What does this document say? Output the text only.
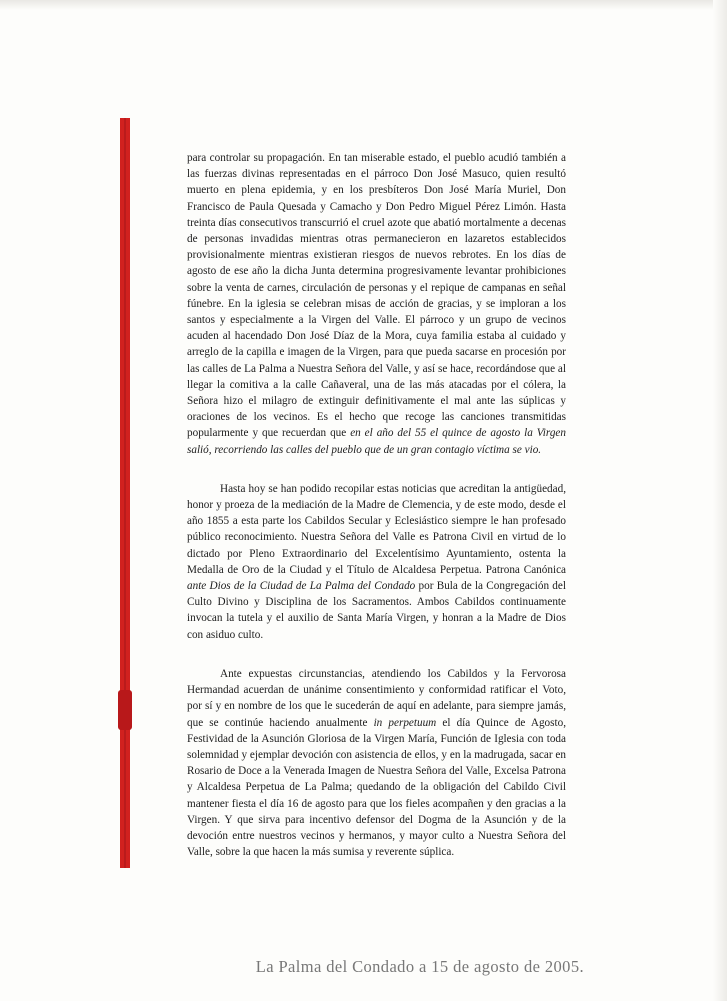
para controlar su propagación. En tan miserable estado, el pueblo acudió también a las fuerzas divinas representadas en el párroco Don José Masuco, quien resultó muerto en plena epidemia, y en los presbíteros Don José María Muriel, Don Francisco de Paula Quesada y Camacho y Don Pedro Miguel Pérez Limón. Hasta treinta días consecutivos transcurrió el cruel azote que abatió mortalmente a decenas de personas invadidas mientras otras permanecieron en lazaretos establecidos provisionalmente mientras existieran riesgos de nuevos rebrotes. En los días de agosto de ese año la dicha Junta determina progresivamente levantar prohibiciones sobre la venta de carnes, circulación de personas y el repique de campanas en señal fúnebre. En la iglesia se celebran misas de acción de gracias, y se imploran a los santos y especialmente a la Virgen del Valle. El párroco y un grupo de vecinos acuden al hacendado Don José Díaz de la Mora, cuya familia estaba al cuidado y arreglo de la capilla e imagen de la Virgen, para que pueda sacarse en procesión por las calles de La Palma a Nuestra Señora del Valle, y así se hace, recordándose que al llegar la comitiva a la calle Cañaveral, una de las más atacadas por el cólera, la Señora hizo el milagro de extinguir definitivamente el mal ante las súplicas y oraciones de los vecinos. Es el hecho que recoge las canciones transmitidas popularmente y que recuerdan que en el año del 55 el quince de agosto la Virgen salió, recorriendo las calles del pueblo que de un gran contagio víctima se vio.

Hasta hoy se han podido recopilar estas noticias que acreditan la antigüedad, honor y proeza de la mediación de la Madre de Clemencia, y de este modo, desde el año 1855 a esta parte los Cabildos Secular y Eclesiástico siempre le han profesado público reconocimiento. Nuestra Señora del Valle es Patrona Civil en virtud de lo dictado por Pleno Extraordinario del Excelentísimo Ayuntamiento, ostenta la Medalla de Oro de la Ciudad y el Título de Alcaldesa Perpetua. Patrona Canónica ante Dios de la Ciudad de La Palma del Condado por Bula de la Congregación del Culto Divino y Disciplina de los Sacramentos. Ambos Cabildos continuamente invocan la tutela y el auxilio de Santa María Virgen, y honran a la Madre de Dios con asiduo culto.

Ante expuestas circunstancias, atendiendo los Cabildos y la Fervorosa Hermandad acuerdan de unánime consentimiento y conformidad ratificar el Voto, por sí y en nombre de los que le sucederán de aquí en adelante, para siempre jamás, que se continúe haciendo anualmente in perpetuum el día Quince de Agosto, Festividad de la Asunción Gloriosa de la Virgen María, Función de Iglesia con toda solemnidad y ejemplar devoción con asistencia de ellos, y en la madrugada, sacar en Rosario de Doce a la Venerada Imagen de Nuestra Señora del Valle, Excelsa Patrona y Alcaldesa Perpetua de La Palma; quedando de la obligación del Cabildo Civil mantener fiesta el día 16 de agosto para que los fieles acompañen y den gracias a la Virgen. Y que sirva para incentivo defensor del Dogma de la Asunción y de la devoción entre nuestros vecinos y hermanos, y mayor culto a Nuestra Señora del Valle, sobre la que hacen la más sumisa y reverente súplica.

La Palma del Condado a 15 de agosto de 2005.
